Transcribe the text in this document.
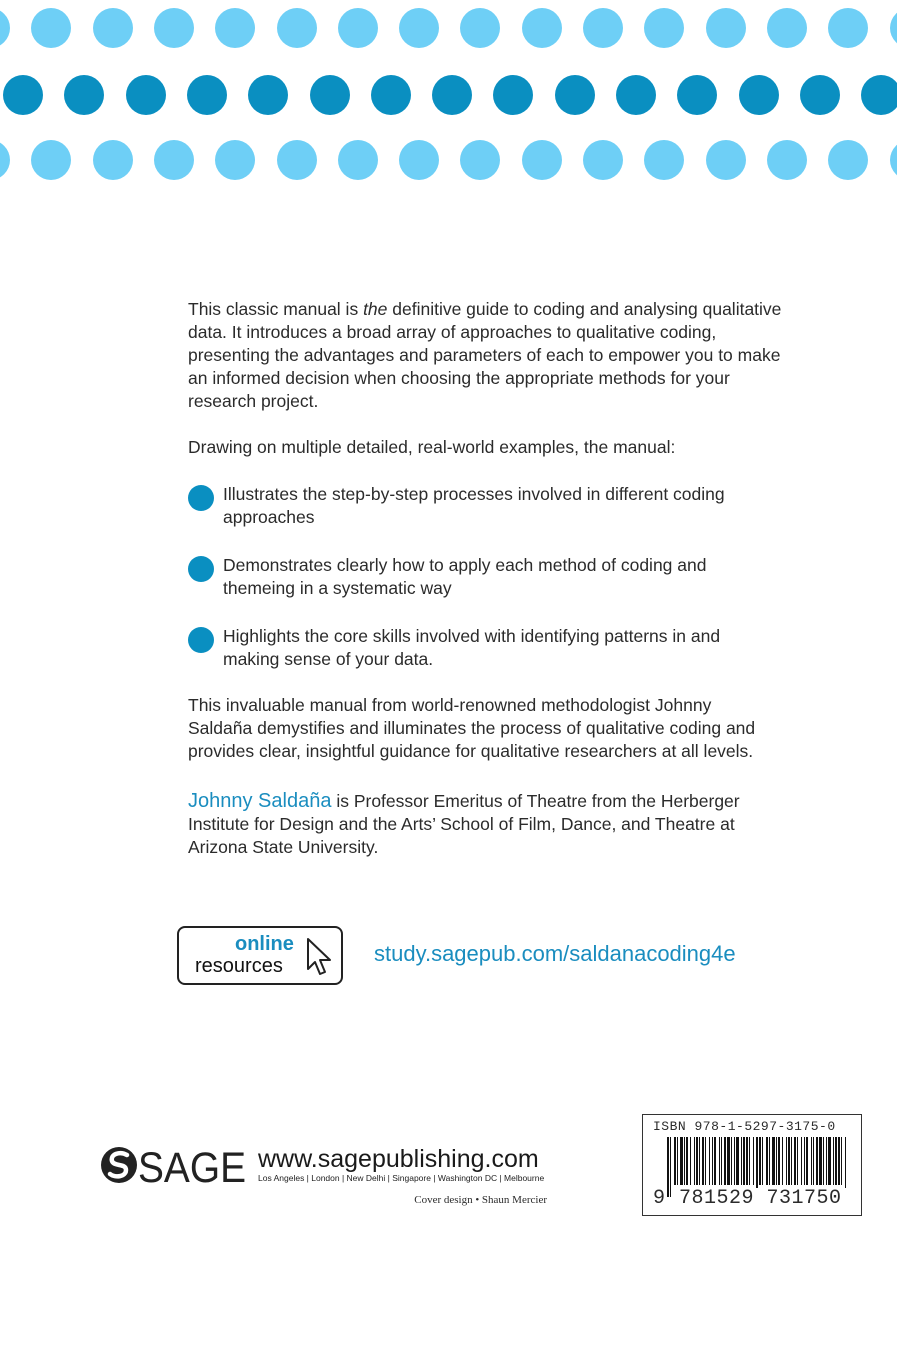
This classic manual is the definitive guide to coding and analysing qualitative data. It introduces a broad array of approaches to qualitative coding, presenting the advantages and parameters of each to empower you to make an informed decision when choosing the appropriate methods for your research project.
Drawing on multiple detailed, real-world examples, the manual:
Illustrates the step-by-step processes involved in different coding approaches
Demonstrates clearly how to apply each method of coding and themeing in a systematic way
Highlights the core skills involved with identifying patterns in and making sense of your data.
This invaluable manual from world-renowned methodologist Johnny Saldaña demystifies and illuminates the process of qualitative coding and provides clear, insightful guidance for qualitative researchers at all levels.
Johnny Saldaña is Professor Emeritus of Theatre from the Herberger Institute for Design and the Arts’ School of Film, Dance, and Theatre at Arizona State University.
online
resources	study.sagepub.com/saldanacoding4e
SAGE www.sagepublishing.com
Los Angeles | London | New Delhi | Singapore | Washington DC | Melbourne
Cover design • Shaun Mercier
ISBN 978-1-5297-3175-0
9 781529 731750
